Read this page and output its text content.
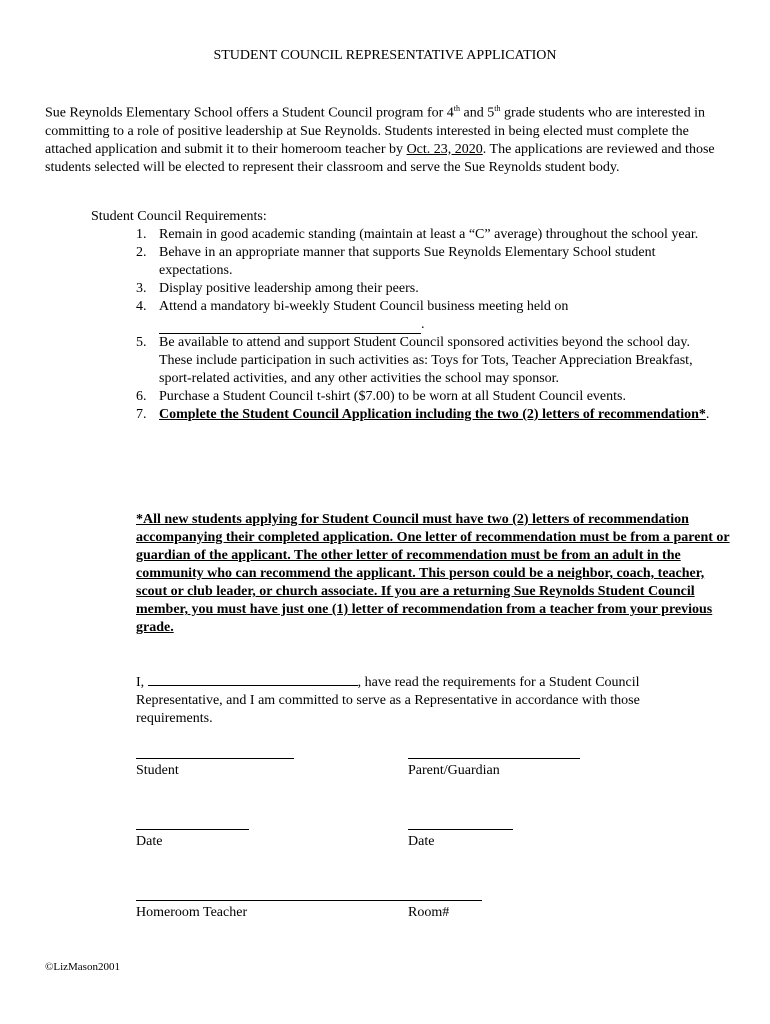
STUDENT COUNCIL REPRESENTATIVE APPLICATION

Sue Reynolds Elementary School offers a Student Council program for 4th and 5th grade students who are interested in committing to a role of positive leadership at Sue Reynolds. Students interested in being elected must complete the attached application and submit it to their homeroom teacher by Oct. 23, 2020. The applications are reviewed and those students selected will be elected to represent their classroom and serve the Sue Reynolds student body.

Student Council Requirements:
1. Remain in good academic standing (maintain at least a “C” average) throughout the school year.
2. Behave in an appropriate manner that supports Sue Reynolds Elementary School student expectations.
3. Display positive leadership among their peers.
4. Attend a mandatory bi-weekly Student Council business meeting held on
.
5. Be available to attend and support Student Council sponsored activities beyond the school day. These include participation in such activities as: Toys for Tots, Teacher Appreciation Breakfast, sport-related activities, and any other activities the school may sponsor.
6. Purchase a Student Council t-shirt ($7.00) to be worn at all Student Council events.
7. Complete the Student Council Application including the two (2) letters of recommendation*.

*All new students applying for Student Council must have two (2) letters of recommendation accompanying their completed application. One letter of recommendation must be from a parent or guardian of the applicant. The other letter of recommendation must be from an adult in the community who can recommend the applicant. This person could be a neighbor, coach, teacher, scout or club leader, or church associate. If you are a returning Sue Reynolds Student Council member, you must have just one (1) letter of recommendation from a teacher from your previous grade.

I,	, have read the requirements for a Student Council Representative, and I am committed to serve as a Representative in accordance with those requirements.

Student	Parent/Guardian
Date	Date
Homeroom Teacher	Room#
©LizMason2001
